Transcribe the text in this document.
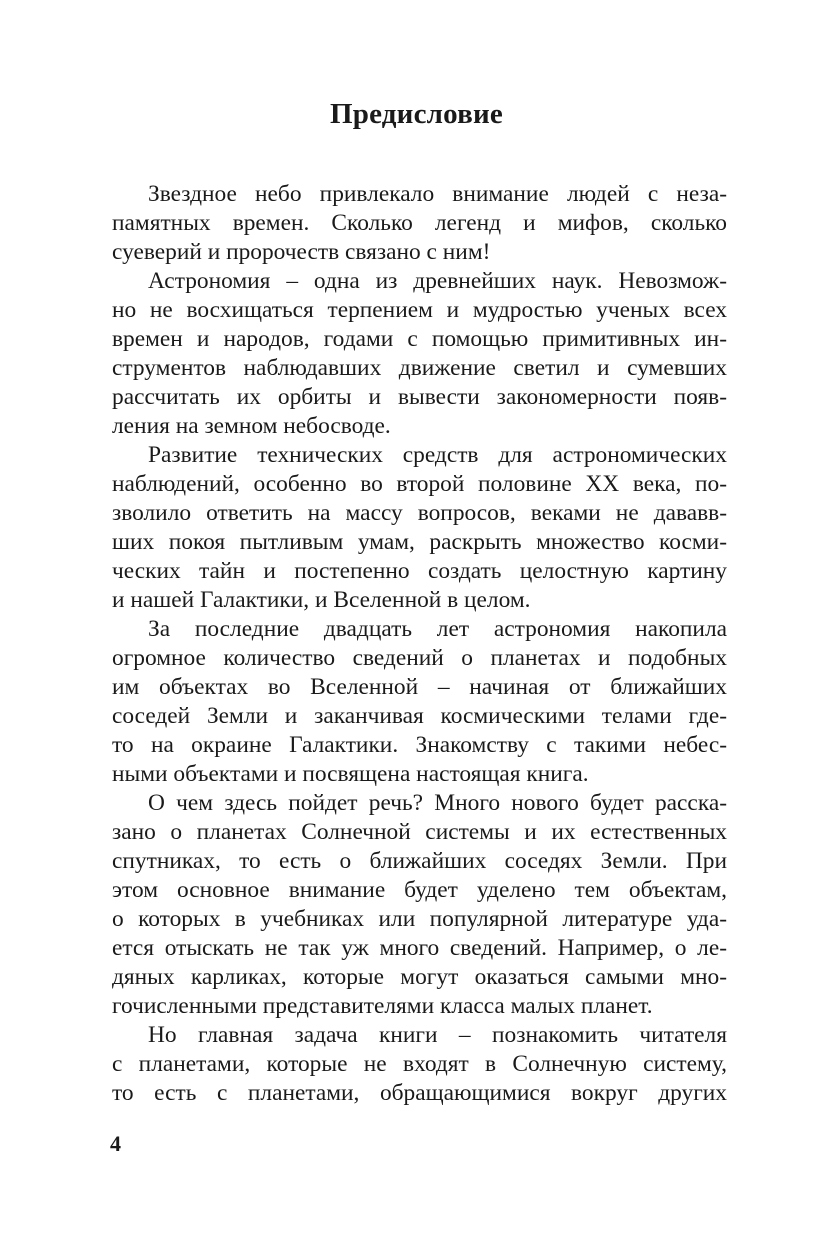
Предисловие
Звездное небо привлекало внимание людей с неза-
памятных времен. Сколько легенд и мифов, сколько
суеверий и пророчеств связано с ним!
Астрономия – одна из древнейших наук. Невозмож-
но не восхищаться терпением и мудростью ученых всех
времен и народов, годами с помощью примитивных ин-
струментов наблюдавших движение светил и сумевших
рассчитать их орбиты и вывести закономерности появ-
ления на земном небосводе.
Развитие технических средств для астрономических
наблюдений, особенно во второй половине XX века, по-
зволило ответить на массу вопросов, веками не дававв-
ших покоя пытливым умам, раскрыть множество косми-
ческих тайн и постепенно создать целостную картину
и нашей Галактики, и Вселенной в целом.
За последние двадцать лет астрономия накопила
огромное количество сведений о планетах и подобных
им объектах во Вселенной – начиная от ближайших
соседей Земли и заканчивая космическими телами где-
то на окраине Галактики. Знакомству с такими небес-
ными объектами и посвящена настоящая книга.
О чем здесь пойдет речь? Много нового будет расска-
зано о планетах Солнечной системы и их естественных
спутниках, то есть о ближайших соседях Земли. При
этом основное внимание будет уделено тем объектам,
о которых в учебниках или популярной литературе уда-
ется отыскать не так уж много сведений. Например, о ле-
дяных карликах, которые могут оказаться самыми мно-
гочисленными представителями класса малых планет.
Но главная задача книги – познакомить читателя
с планетами, которые не входят в Солнечную систему,
то есть с планетами, обращающимися вокруг других
4
